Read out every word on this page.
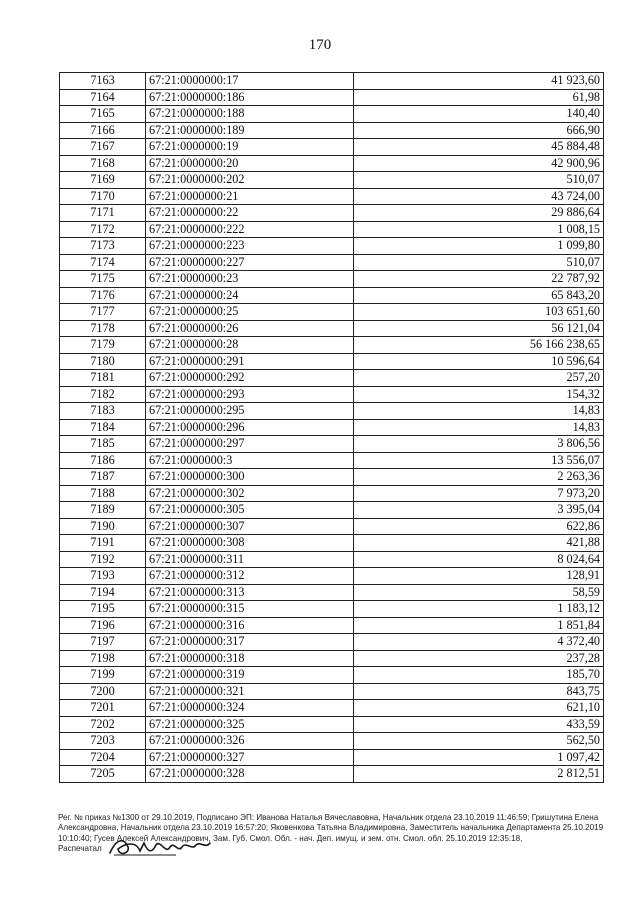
170
7163	67:21:0000000:17	41 923,60
7164	67:21:0000000:186	61,98
7165	67:21:0000000:188	140,40
7166	67:21:0000000:189	666,90
7167	67:21:0000000:19	45 884,48
7168	67:21:0000000:20	42 900,96
7169	67:21:0000000:202	510,07
7170	67:21:0000000:21	43 724,00
7171	67:21:0000000:22	29 886,64
7172	67:21:0000000:222	1 008,15
7173	67:21:0000000:223	1 099,80
7174	67:21:0000000:227	510,07
7175	67:21:0000000:23	22 787,92
7176	67:21:0000000:24	65 843,20
7177	67:21:0000000:25	103 651,60
7178	67:21:0000000:26	56 121,04
7179	67:21:0000000:28	56 166 238,65
7180	67:21:0000000:291	10 596,64
7181	67:21:0000000:292	257,20
7182	67:21:0000000:293	154,32
7183	67:21:0000000:295	14,83
7184	67:21:0000000:296	14,83
7185	67:21:0000000:297	3 806,56
7186	67:21:0000000:3	13 556,07
7187	67:21:0000000:300	2 263,36
7188	67:21:0000000:302	7 973,20
7189	67:21:0000000:305	3 395,04
7190	67:21:0000000:307	622,86
7191	67:21:0000000:308	421,88
7192	67:21:0000000:311	8 024,64
7193	67:21:0000000:312	128,91
7194	67:21:0000000:313	58,59
7195	67:21:0000000:315	1 183,12
7196	67:21:0000000:316	1 851,84
7197	67:21:0000000:317	4 372,40
7198	67:21:0000000:318	237,28
7199	67:21:0000000:319	185,70
7200	67:21:0000000:321	843,75
7201	67:21:0000000:324	621,10
7202	67:21:0000000:325	433,59
7203	67:21:0000000:326	562,50
7204	67:21:0000000:327	1 097,42
7205	67:21:0000000:328	2 812,51
Рег. № приказ №1300 от 29.10.2019, Подписано ЭП: Иванова Наталья Вячеславовна, Начальник отдела 23.10.2019 11:46:59; Гришутина Елена
Александровна, Начальник отдела 23.10.2019 16:57:20; Яковенкова Татьяна Владимировна, Заместитель начальника Департамента 25.10.2019
10:10:40; Гусев Алексей Александрович, Зам. Губ. Смол. Обл. - нач. Деп. имущ. и зем. отн. Смол. обл. 25.10.2019 12:35:18,
Распечатал
